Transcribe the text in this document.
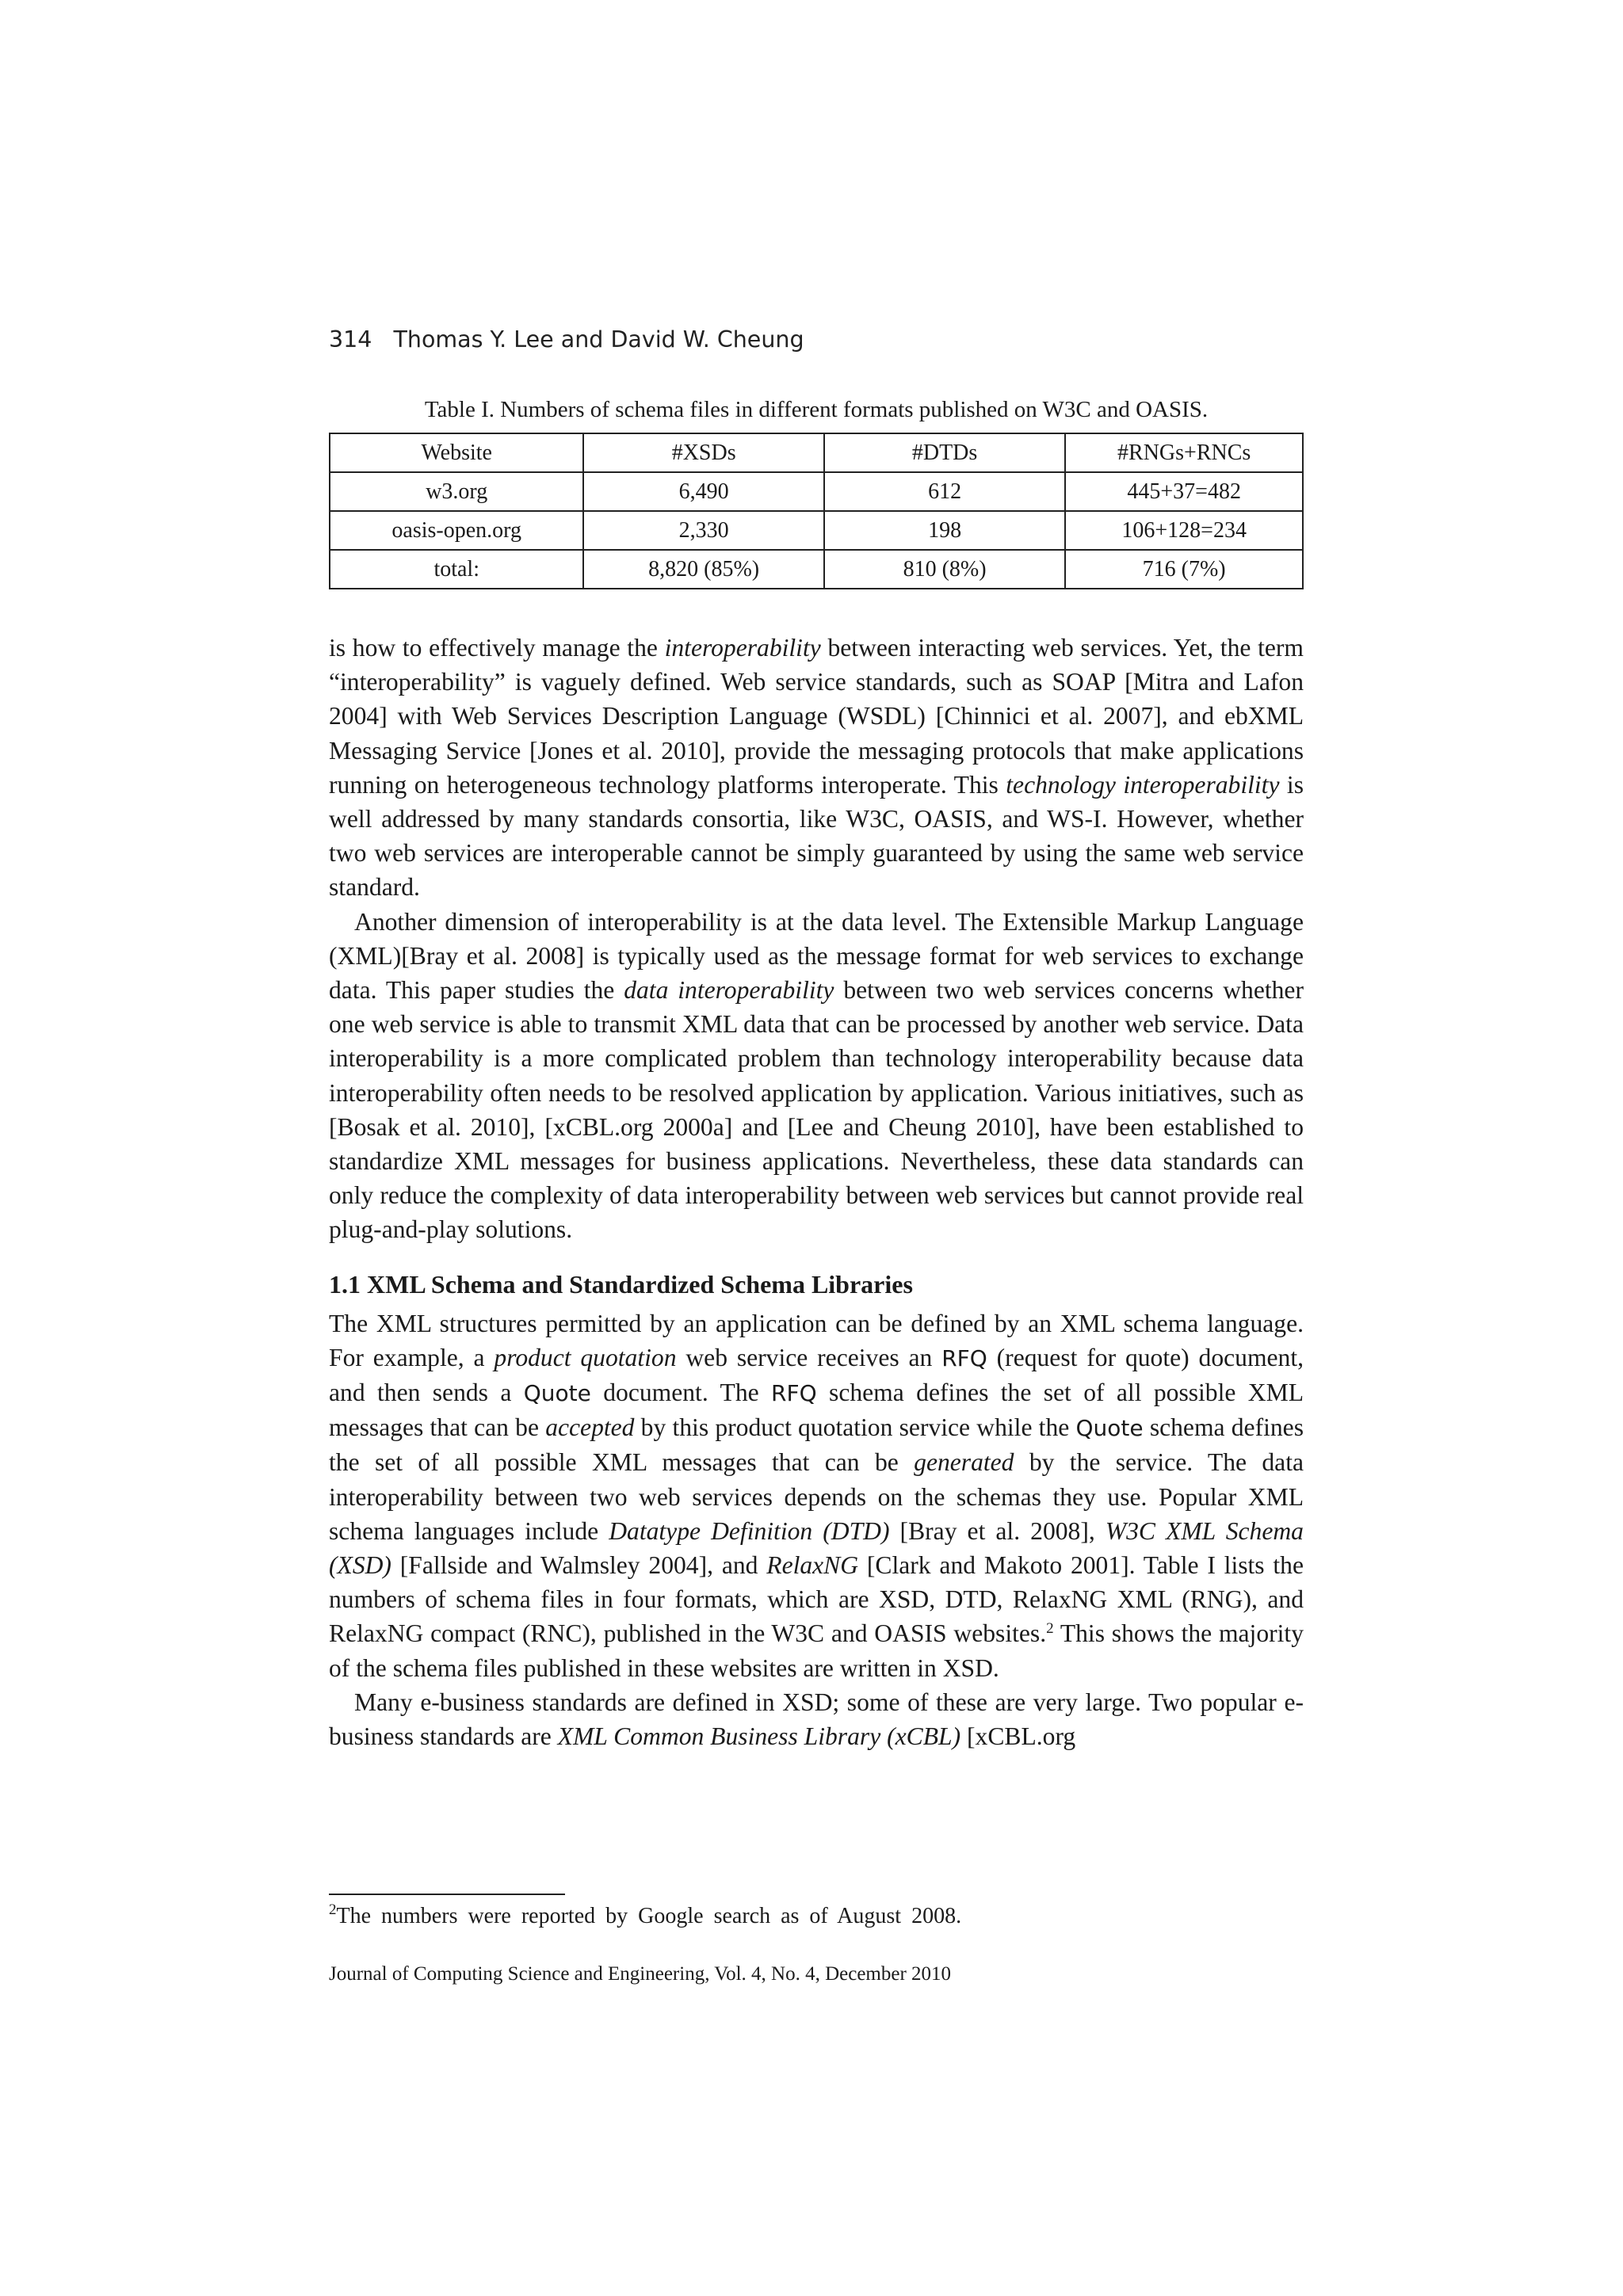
314 Thomas Y. Lee and David W. Cheung
Table I. Numbers of schema files in different formats published on W3C and OASIS.
Website	#XSDs	#DTDs	#RNGs+RNCs
w3.org	6,490	612	445+37=482
oasis-open.org	2,330	198	106+128=234
total:	8,820 (85%)	810 (8%)	716 (7%)

is how to effectively manage the interoperability between interacting web services. Yet, the term “interoperability” is vaguely defined. Web service standards, such as SOAP [Mitra and Lafon 2004] with Web Services Description Language (WSDL) [Chinnici et al. 2007], and ebXML Messaging Service [Jones et al. 2010], provide the messaging protocols that make applications running on heterogeneous technology platforms interoperate. This technology interoperability is well addressed by many standards consortia, like W3C, OASIS, and WS-I. However, whether two web services are interoperable cannot be simply guaranteed by using the same web service standard.

Another dimension of interoperability is at the data level. The Extensible Markup Language (XML)[Bray et al. 2008] is typically used as the message format for web services to exchange data. This paper studies the data interoperability between two web services concerns whether one web service is able to transmit XML data that can be processed by another web service. Data interoperability is a more complicated problem than technology interoperability because data interoperability often needs to be resolved application by application. Various initiatives, such as [Bosak et al. 2010], [xCBL.org 2000a] and [Lee and Cheung 2010], have been established to standardize XML messages for business applications. Nevertheless, these data standards can only reduce the complexity of data interoperability between web services but cannot provide real plug-and-play solutions.

1.1 XML Schema and Standardized Schema Libraries

The XML structures permitted by an application can be defined by an XML schema language. For example, a product quotation web service receives an RFQ (request for quote) document, and then sends a Quote document. The RFQ schema defines the set of all possible XML messages that can be accepted by this product quotation service while the Quote schema defines the set of all possible XML messages that can be generated by the service. The data interoperability between two web services depends on the schemas they use. Popular XML schema languages include Datatype Definition (DTD) [Bray et al. 2008], W3C XML Schema (XSD) [Fallside and Walmsley 2004], and RelaxNG [Clark and Makoto 2001]. Table I lists the numbers of schema files in four formats, which are XSD, DTD, RelaxNG XML (RNG), and RelaxNG compact (RNC), published in the W3C and OASIS websites.$^2$ This shows the majority of the schema files published in these websites are written in XSD.

Many e-business standards are defined in XSD; some of these are very large. Two popular e-business standards are XML Common Business Library (xCBL) [xCBL.org

$^2$The numbers were reported by Google search as of August 2008.
Journal of Computing Science and Engineering, Vol. 4, No. 4, December 2010
